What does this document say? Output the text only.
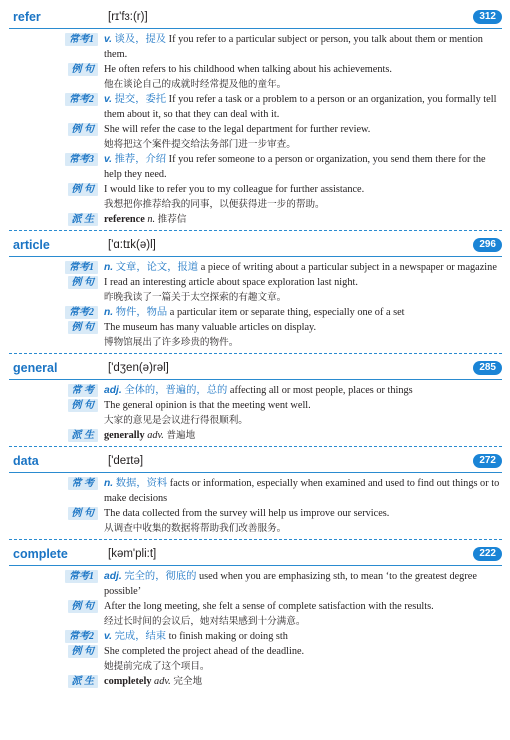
refer	[rɪ'fɜ:(r)]	312
常考1 v. 谈及，提及 If you refer to a particular subject or person, you talk about them or mention them.
例 句 He often refers to his childhood when talking about his achievements.
他在谈论自己的成就时经常提及他的童年。
常考2 v. 提交，委托 If you refer a task or a problem to a person or an organization, you formally tell them about it, so that they can deal with it.
例 句 She will refer the case to the legal department for further review.
她将把这个案件提交给法务部门进一步审查。
常考3 v. 推荐，介绍 If you refer someone to a person or organization, you send them there for the help they need.
例 句 I would like to refer you to my colleague for further assistance.
我想把你推荐给我的同事，以便获得进一步的帮助。
派 生 reference n. 推荐信
article	['ɑ:tɪk(ə)l]	296
常考1 n. 文章，论文，报道 a piece of writing about a particular subject in a newspaper or magazine
例 句 I read an interesting article about space exploration last night.
昨晚我读了一篇关于太空探索的有趣文章。
常考2 n. 物件，物品 a particular item or separate thing, especially one of a set
例 句 The museum has many valuable articles on display.
博物馆展出了许多珍贵的物件。
general	['dʒen(ə)rəl]	285
常 考 adj. 全体的，普遍的，总的 affecting all or most people, places or things
例 句 The general opinion is that the meeting went well.
大家的意见是会议进行得很顺利。
派 生 generally adv. 普遍地
data	['deɪtə]	272
常 考 n. 数据，资料 facts or information, especially when examined and used to find out things or to make decisions
例 句 The data collected from the survey will help us improve our services.
从调查中收集的数据将帮助我们改善服务。
complete	[kəm'pli:t]	222
常考1 adj. 完全的，彻底的 used when you are emphasizing sth, to mean ‘to the greatest degree possible’
例 句 After the long meeting, she felt a sense of complete satisfaction with the results.
经过长时间的会议后，她对结果感到十分满意。
常考2 v. 完成，结束 to finish making or doing sth
例 句 She completed the project ahead of the deadline.
她提前完成了这个项目。
派 生 completely adv. 完全地
